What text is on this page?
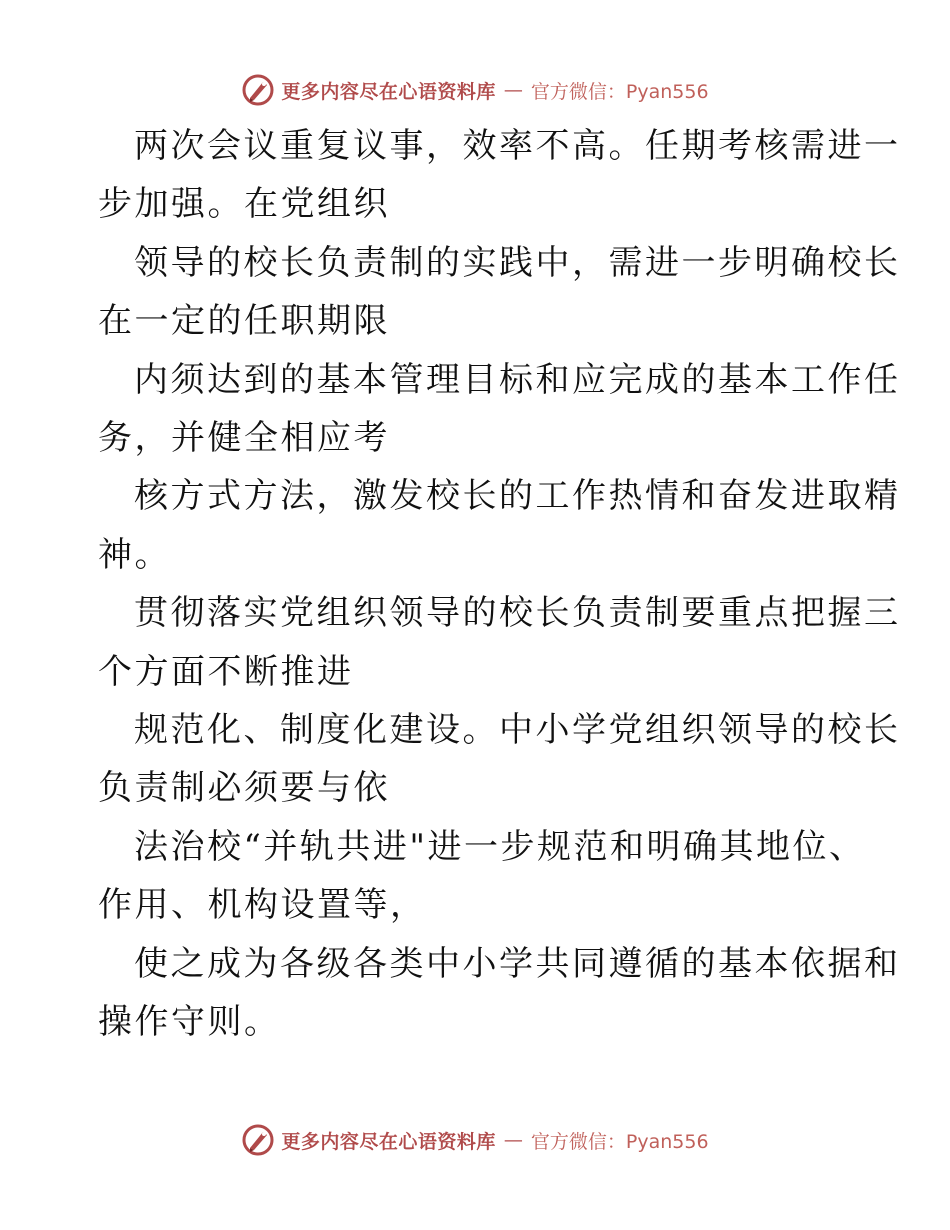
更多内容尽在心语资料库 — 官方微信：Pyan556

两次会议重复议事，效率不高。任期考核需进一
步加强。在党组织

领导的校长负责制的实践中，需进一步明确校长
在一定的任职期限

内须达到的基本管理目标和应完成的基本工作任
务，并健全相应考

核方式方法，激发校长的工作热情和奋发进取精
神。

贯彻落实党组织领导的校长负责制要重点把握三
个方面不断推进

规范化、制度化建设。中小学党组织领导的校长
负责制必须要与依

法治校“并轨共进"进一步规范和明确其地位、
作用、机构设置等，

使之成为各级各类中小学共同遵循的基本依据和
操作守则。

更多内容尽在心语资料库 — 官方微信：Pyan556
